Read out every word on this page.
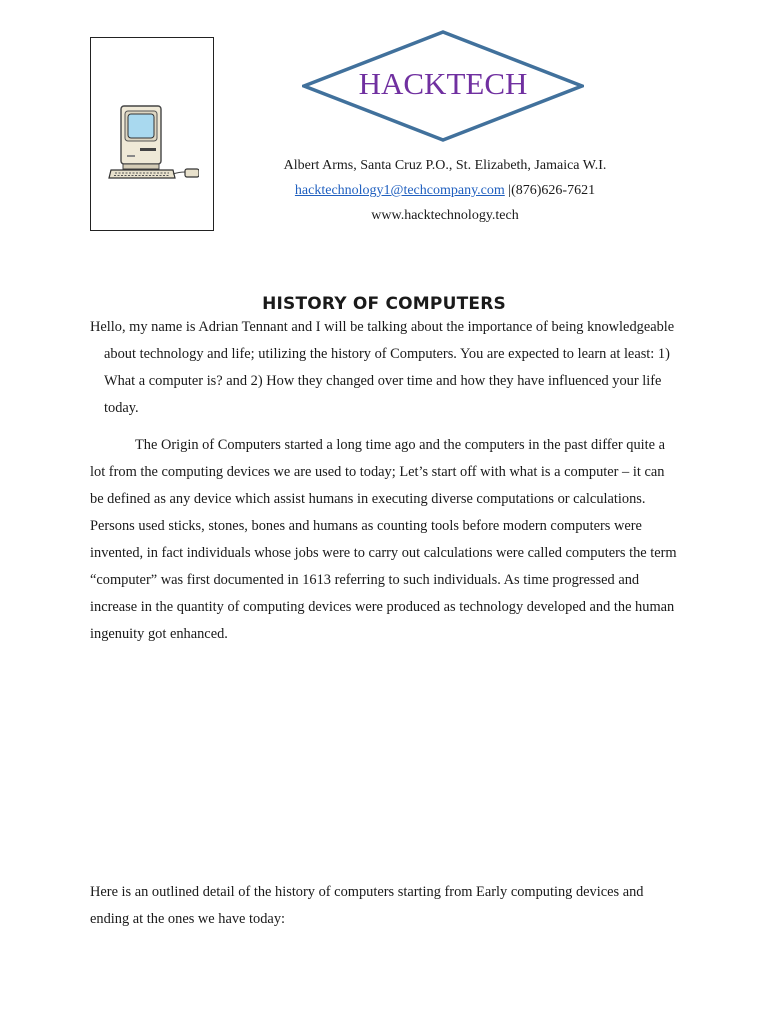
HACKTECH
Albert Arms, Santa Cruz P.O., St. Elizabeth, Jamaica W.I.
hacktechnology1@techcompany.com |(876)626-7621
www.hacktechnology.tech
HISTORY OF COMPUTERS

Hello, my name is Adrian Tennant and I will be talking about the importance of being knowledgeable about technology and life; utilizing the history of Computers. You are expected to learn at least: 1) What a computer is? and 2) How they changed over time and how they have influenced your life today.

The Origin of Computers started a long time ago and the computers in the past differ quite a lot from the computing devices we are used to today; Let’s start off with what is a computer – it can be defined as any device which assist humans in executing diverse computations or calculations. Persons used sticks, stones, bones and humans as counting tools before modern computers were invented, in fact individuals whose jobs were to carry out calculations were called computers the term “computer” was first documented in 1613 referring to such individuals. As time progressed and increase in the quantity of computing devices were produced as technology developed and the human ingenuity got enhanced.

Here is an outlined detail of the history of computers starting from Early computing devices and ending at the ones we have today:
